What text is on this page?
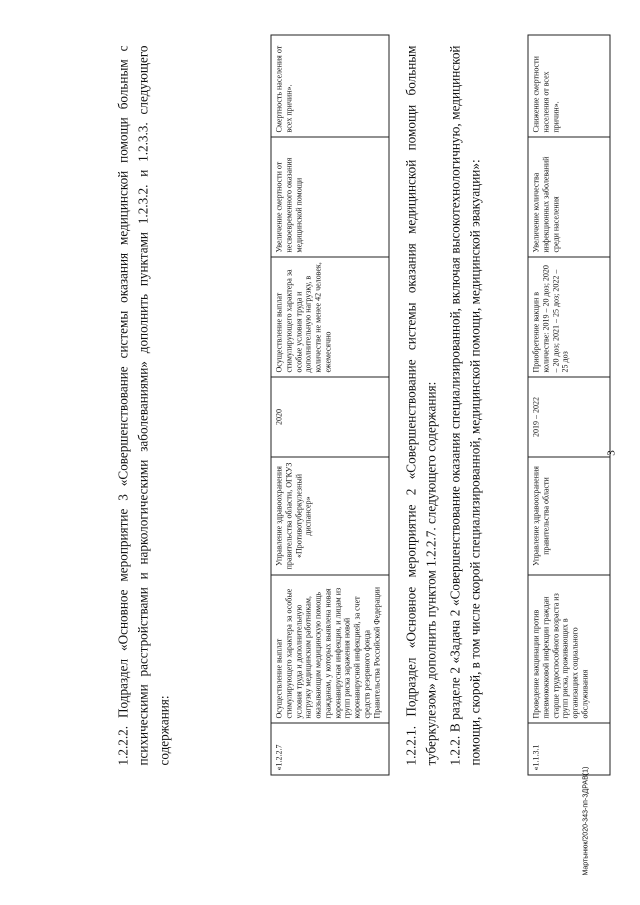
3
«1.1.3.1	Проведение вакцинации против пневмококковой инфекции граждан старше трудоспособного возраста из групп риска, проживающих в организациях социального обслуживания	Управление здравоохранения правительства области	2019 – 2022	Приобретение вакцин в количестве: 2019 – 20 доз; 2020 – 20 доз; 2021 – 25 доз; 2022 – 25 доз	Увеличение количества инфекционных заболеваний среди населения	Снижение смертности населения от всех причин».
1.2.2. В разделе 2 «Задача 2 «Совершенствование оказания специализированной, включая высокотехнологичную, медицинской помощи, скорой, в том числе скорой специализированной, медицинской помощи, медицинской эвакуации»:
1.2.2.1. Подраздел «Основное мероприятие 2 «Совершенствование системы оказания медицинской помощи больным туберкулезом» дополнить пунктом 1.2.2.7. следующего содержания:
«1.2.2.7	Осуществление выплат стимулирующего характера за особые условия труда и дополнительную нагрузку медицинским работникам, оказывающим медицинскую помощь гражданам, у которых выявлена новая коронавирусная инфекция, и лицам из групп риска заражения новой коронавирусной инфекцией, за счет средств резервного фонда Правительства Российской Федерации	Управление здравоохранения правительства области, ОГКУЗ «Противотуберкулезный диспансер»	2020	Осуществление выплат стимулирующего характера за особые условия труда и дополнительную нагрузку, в количестве не менее 42 человек, ежемесячно	Увеличение смертности от несвоевременного оказания медицинской помощи	Смертность населения от всех причин».
1.2.2.2. Подраздел «Основное мероприятие 3 «Совершенствование системы оказания медицинской помощи больным с психическими расстройствами и наркологическими заболеваниями» дополнить пунктами 1.2.3.2. и 1.2.3.3. следующего содержания:
Мартынюк/2020-343-пп-ЗДРАВ(1)
